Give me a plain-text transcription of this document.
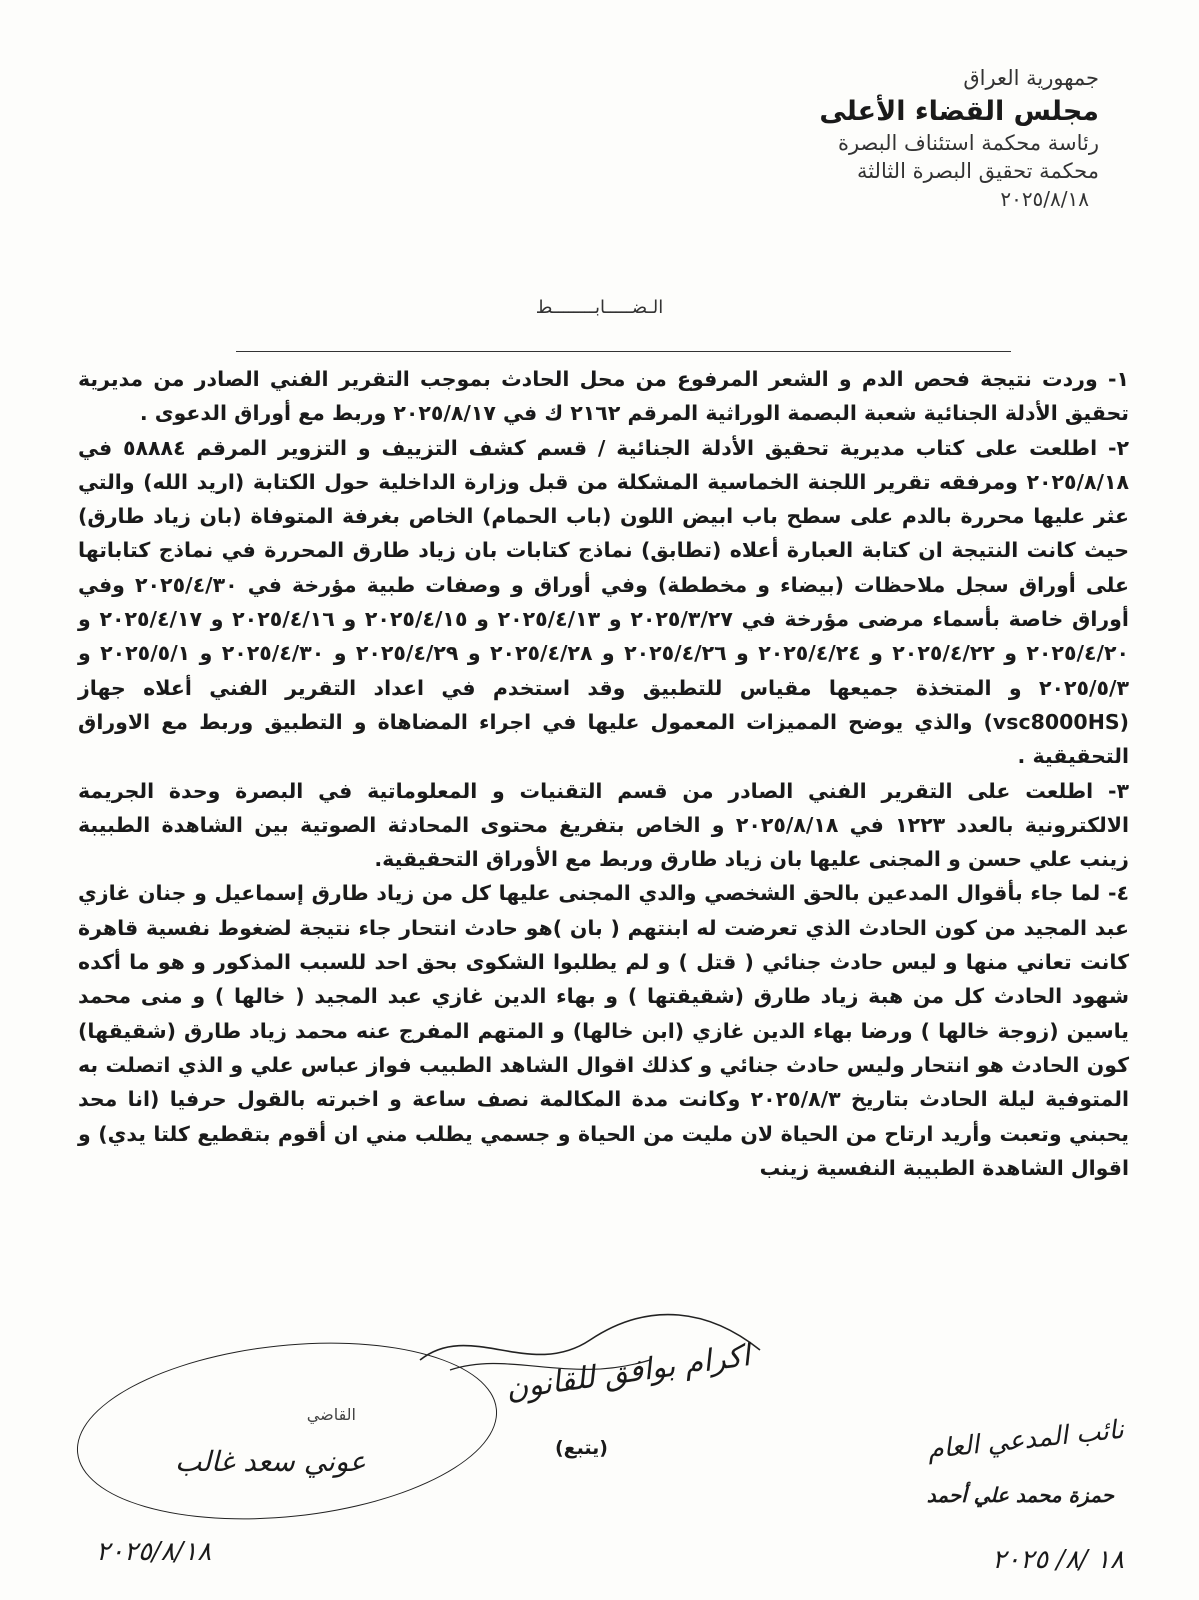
جمهورية العراق
مجلس القضاء الأعلى
رئاسة محكمة استئناف البصرة
محكمة تحقيق البصرة الثالثة
٢٠٢٥/٨/١٨
الـضـــــابــــــــط

١- وردت نتيجة فحص الدم و الشعر المرفوع من محل الحادث بموجب التقرير الفني الصادر من مديرية تحقيق الأدلة الجنائية شعبة البصمة الوراثية المرقم ٢١٦٢ ك في ٢٠٢٥/٨/١٧ وربط مع أوراق الدعوى .

٢- اطلعت على كتاب مديرية تحقيق الأدلة الجنائية / قسم كشف التزييف و التزوير المرقم ٥٨٨٨٤ في ٢٠٢٥/٨/١٨ ومرفقه تقرير اللجنة الخماسية المشكلة من قبل وزارة الداخلية حول الكتابة (اريد الله) والتي عثر عليها محررة بالدم على سطح باب ابيض اللون (باب الحمام) الخاص بغرفة المتوفاة (بان زياد طارق) حيث كانت النتيجة ان كتابة العبارة أعلاه (تطابق) نماذج كتابات بان زياد طارق المحررة في نماذج كتاباتها على أوراق سجل ملاحظات (بيضاء و مخططة) وفي أوراق و وصفات طبية مؤرخة في ٢٠٢٥/٤/٣٠ وفي أوراق خاصة بأسماء مرضى مؤرخة في ٢٠٢٥/٣/٢٧ و ٢٠٢٥/٤/١٣ و ٢٠٢٥/٤/١٥ و ٢٠٢٥/٤/١٦ و ٢٠٢٥/٤/١٧ و ٢٠٢٥/٤/٢٠ و ٢٠٢٥/٤/٢٢ و ٢٠٢٥/٤/٢٤ و ٢٠٢٥/٤/٢٦ و ٢٠٢٥/٤/٢٨ و ٢٠٢٥/٤/٢٩ و ٢٠٢٥/٤/٣٠ و ٢٠٢٥/٥/١ و ٢٠٢٥/٥/٣ و المتخذة جميعها مقياس للتطبيق وقد استخدم في اعداد التقرير الفني أعلاه جهاز (vsc8000HS) والذي يوضح المميزات المعمول عليها في اجراء المضاهاة و التطبيق وربط مع الاوراق التحقيقية .

٣- اطلعت على التقرير الفني الصادر من قسم التقنيات و المعلوماتية في البصرة وحدة الجريمة الالكترونية بالعدد ١٢٢٣ في ٢٠٢٥/٨/١٨ و الخاص بتفريغ محتوى المحادثة الصوتية بين الشاهدة الطبيبة زينب علي حسن و المجنى عليها بان زياد طارق وربط مع الأوراق التحقيقية.

٤- لما جاء بأقوال المدعين بالحق الشخصي والدي المجنى عليها كل من زياد طارق إسماعيل و جنان غازي عبد المجيد من كون الحادث الذي تعرضت له ابنتهم ( بان )هو حادث انتحار جاء نتيجة لضغوط نفسية قاهرة كانت تعاني منها و ليس حادث جنائي ( قتل ) و لم يطلبوا الشكوى بحق احد للسبب المذكور و هو ما أكده شهود الحادث كل من هبة زياد طارق (شقيقتها ) و بهاء الدين غازي عبد المجيد ( خالها ) و منى محمد ياسين (زوجة خالها ) ورضا بهاء الدين غازي (ابن خالها) و المتهم المفرج عنه محمد زياد طارق (شقيقها) كون الحادث هو انتحار وليس حادث جنائي و كذلك اقوال الشاهد الطبيب فواز عباس علي و الذي اتصلت به المتوفية ليلة الحادث بتاريخ ٢٠٢٥/٨/٣ وكانت مدة المكالمة نصف ساعة و اخبرته بالقول حرفيا (انا محد يحبني وتعبت وأريد ارتاح من الحياة لان مليت من الحياة و جسمي يطلب مني ان أقوم بتقطيع كلتا يدي) و اقوال الشاهدة الطبيبة النفسية زينب

اكرام بوافق للقانون
(يتبع)
القاضي
عوني سعد غالب
٢٠٢٥/٨/١٨
نائب المدعي العام
حمزة محمد علي أحمد
١٨ /٨/ ٢٠٢٥
